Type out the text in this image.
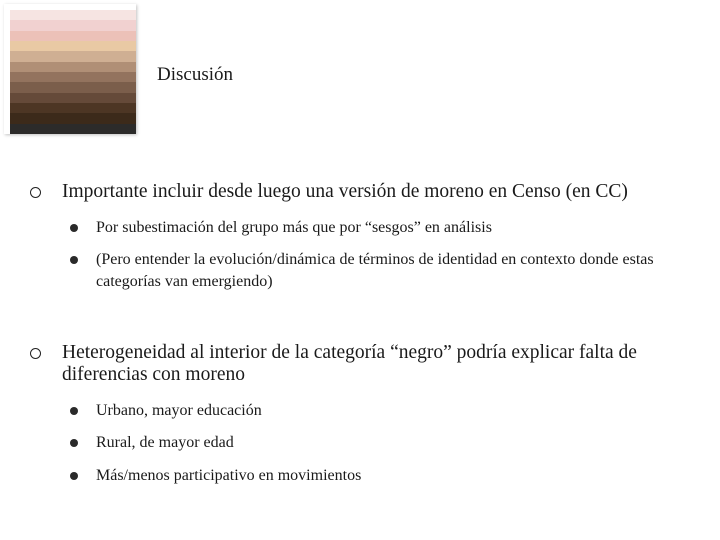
Discusión
Importante incluir desde luego una versión de moreno en Censo (en CC)
Por subestimación del grupo más que por “sesgos” en análisis
(Pero entender la evolución/dinámica de términos de identidad en contexto donde estas categorías van emergiendo)
Heterogeneidad al interior de la categoría “negro” podría explicar falta de diferencias con moreno
Urbano, mayor educación
Rural, de mayor edad
Más/menos participativo en movimientos
